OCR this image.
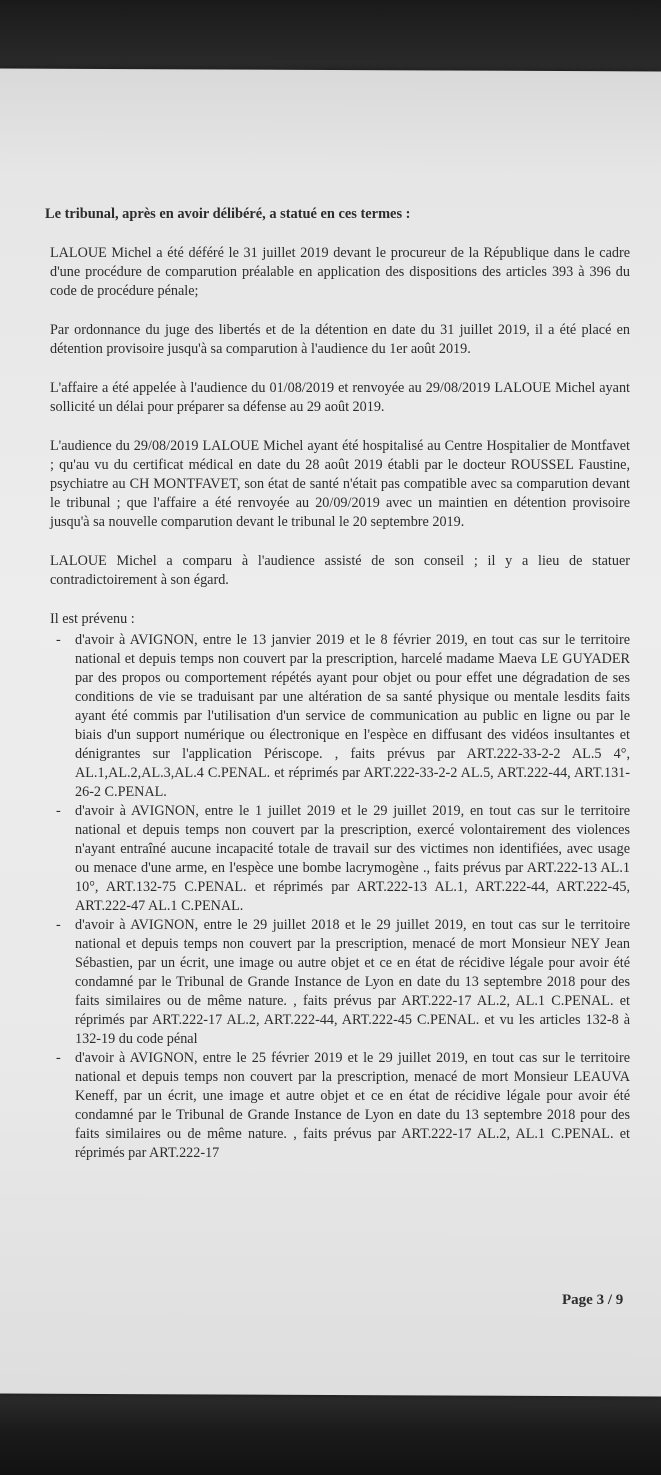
Le tribunal, après en avoir délibéré, a statué en ces termes :

LALOUE Michel a été déféré le 31 juillet 2019 devant le procureur de la République dans le cadre d'une procédure de comparution préalable en application des dispositions des articles 393 à 396 du code de procédure pénale;

Par ordonnance du juge des libertés et de la détention en date du 31 juillet 2019, il a été placé en détention provisoire jusqu'à sa comparution à l'audience du 1er août 2019.

L'affaire a été appelée à l'audience du 01/08/2019 et renvoyée au 29/08/2019 LALOUE Michel ayant sollicité un délai pour préparer sa défense au 29 août 2019.

L'audience du 29/08/2019 LALOUE Michel ayant été hospitalisé au Centre Hospitalier de Montfavet ; qu'au vu du certificat médical en date du 28 août 2019 établi par le docteur ROUSSEL Faustine, psychiatre au CH MONTFAVET, son état de santé n'était pas compatible avec sa comparution devant le tribunal ; que l'affaire a été renvoyée au 20/09/2019 avec un maintien en détention provisoire jusqu'à sa nouvelle comparution devant le tribunal le 20 septembre 2019.

LALOUE Michel a comparu à l'audience assisté de son conseil ; il y a lieu de statuer contradictoirement à son égard.

Il est prévenu :
- d'avoir à AVIGNON, entre le 13 janvier 2019 et le 8 février 2019, en tout cas sur le territoire national et depuis temps non couvert par la prescription, harcelé madame Maeva LE GUYADER par des propos ou comportement répétés ayant pour objet ou pour effet une dégradation de ses conditions de vie se traduisant par une altération de sa santé physique ou mentale lesdits faits ayant été commis par l'utilisation d'un service de communication au public en ligne ou par le biais d'un support numérique ou électronique en l'espèce en diffusant des vidéos insultantes et dénigrantes sur l'application Périscope. , faits prévus par ART.222-33-2-2 AL.5 4°, AL.1,AL.2,AL.3,AL.4 C.PENAL. et réprimés par ART.222-33-2-2 AL.5, ART.222-44, ART.131-26-2 C.PENAL.
- d'avoir à AVIGNON, entre le 1 juillet 2019 et le 29 juillet 2019, en tout cas sur le territoire national et depuis temps non couvert par la prescription, exercé volontairement des violences n'ayant entraîné aucune incapacité totale de travail sur des victimes non identifiées, avec usage ou menace d'une arme, en l'espèce une bombe lacrymogène ., faits prévus par ART.222-13 AL.1 10°, ART.132-75 C.PENAL. et réprimés par ART.222-13 AL.1, ART.222-44, ART.222-45, ART.222-47 AL.1 C.PENAL.
- d'avoir à AVIGNON, entre le 29 juillet 2018 et le 29 juillet 2019, en tout cas sur le territoire national et depuis temps non couvert par la prescription, menacé de mort Monsieur NEY Jean Sébastien, par un écrit, une image ou autre objet et ce en état de récidive légale pour avoir été condamné par le Tribunal de Grande Instance de Lyon en date du 13 septembre 2018 pour des faits similaires ou de même nature. , faits prévus par ART.222-17 AL.2, AL.1 C.PENAL. et réprimés par ART.222-17 AL.2, ART.222-44, ART.222-45 C.PENAL. et vu les articles 132-8 à 132-19 du code pénal
- d'avoir à AVIGNON, entre le 25 février 2019 et le 29 juillet 2019, en tout cas sur le territoire national et depuis temps non couvert par la prescription, menacé de mort Monsieur LEAUVA Keneff, par un écrit, une image et autre objet et ce en état de récidive légale pour avoir été condamné par le Tribunal de Grande Instance de Lyon en date du 13 septembre 2018 pour des faits similaires ou de même nature. , faits prévus par ART.222-17 AL.2, AL.1 C.PENAL. et réprimés par ART.222-17
Page 3 / 9
